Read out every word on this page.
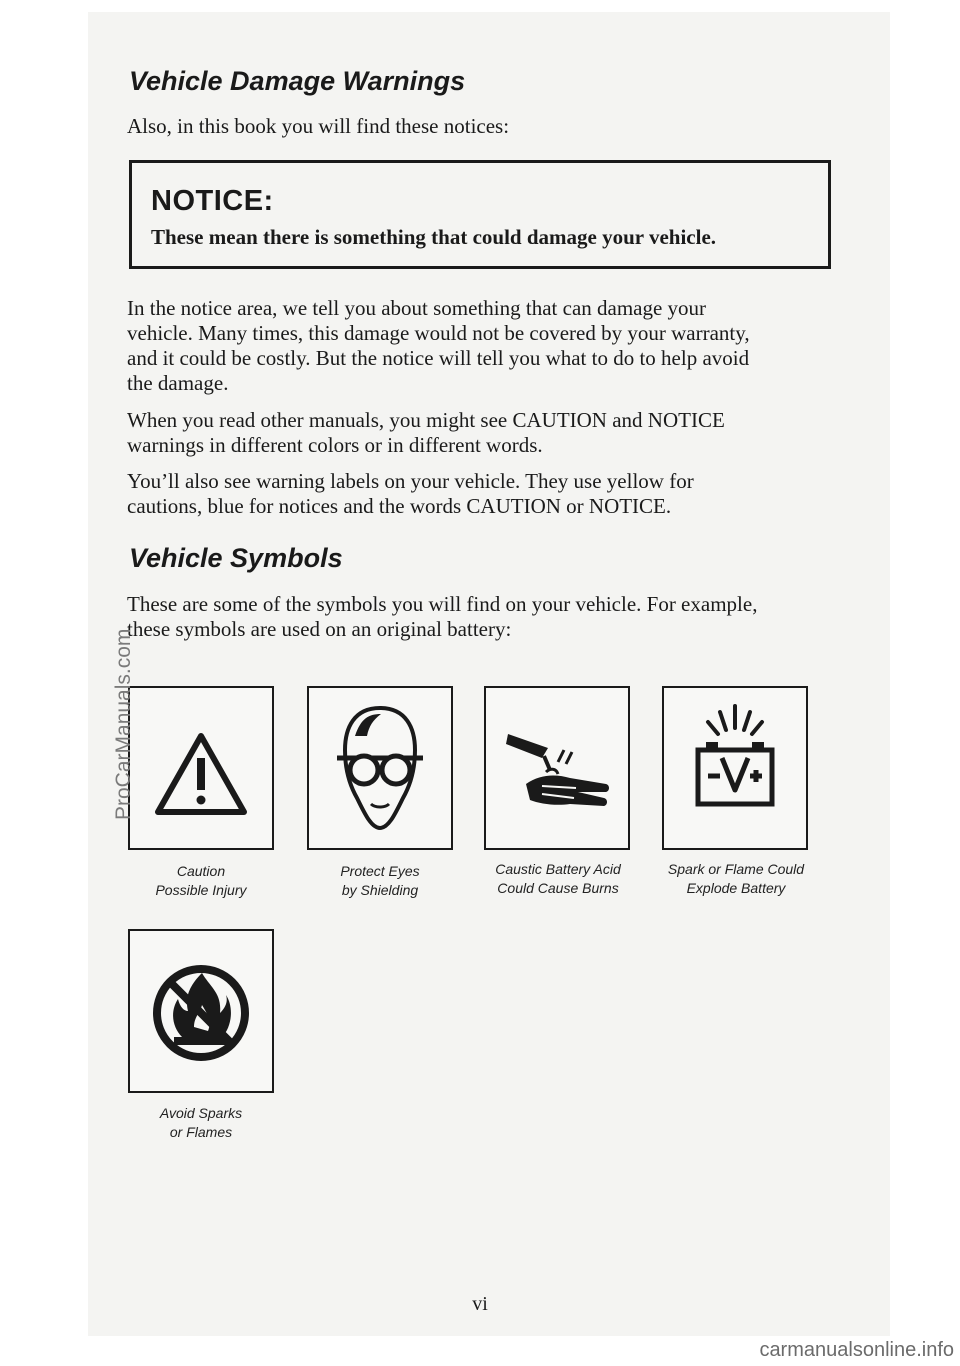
Vehicle Damage Warnings

Also, in this book you will find these notices:

NOTICE:

These mean there is something that could damage your vehicle.

In the notice area, we tell you about something that can damage your
vehicle. Many times, this damage would not be covered by your warranty,
and it could be costly. But the notice will tell you what to do to help avoid
the damage.
When you read other manuals, you might see CAUTION and NOTICE
warnings in different colors or in different words.
You’ll also see warning labels on your vehicle. They use yellow for
cautions, blue for notices and the words CAUTION or NOTICE.
Vehicle Symbols
These are some of the symbols you will find on your vehicle. For example,
these symbols are used on an original battery:
Caution
Possible Injury
Protect Eyes
by Shielding
Caustic Battery Acid
Could Cause Burns
Spark or Flame Could
Explode Battery
Avoid Sparks
or Flames
vi
ProCarManuals.com
carmanualsonline.info
